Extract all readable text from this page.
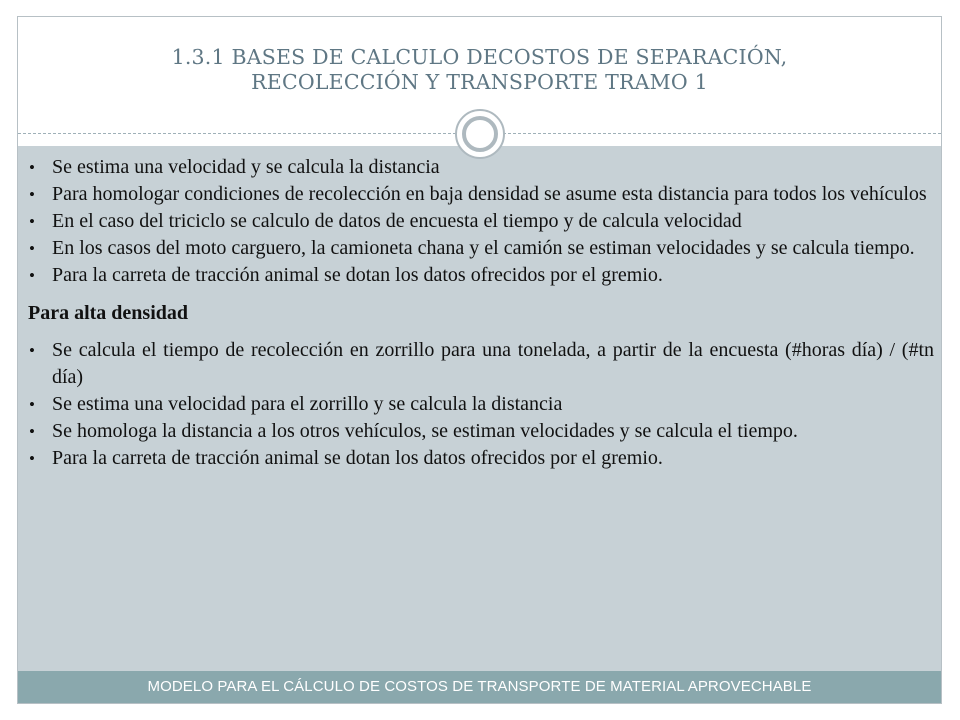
1.3.1 BASES DE CALCULO DECOSTOS DE SEPARACIÓN,
RECOLECCIÓN Y TRANSPORTE TRAMO 1
• Se estima una velocidad y se calcula la distancia
• Para homologar condiciones de recolección en baja densidad se asume esta distancia para todos los vehículos
• En el caso del triciclo se calculo de datos de encuesta el tiempo y de calcula velocidad
• En los casos del moto carguero, la camioneta chana y el camión se estiman velocidades y se calcula tiempo.
• Para la carreta de tracción animal se dotan los datos ofrecidos por el gremio.
Para alta densidad
• Se calcula el tiempo de recolección en zorrillo para una tonelada, a partir de la encuesta (#horas día) / (#tn día)
• Se estima una velocidad para el zorrillo y se calcula la distancia
• Se homologa la distancia a los otros vehículos, se estiman velocidades y se calcula el tiempo.
• Para la carreta de tracción animal se dotan los datos ofrecidos por el gremio.
MODELO PARA EL CÁLCULO DE COSTOS DE TRANSPORTE DE MATERIAL APROVECHABLE
